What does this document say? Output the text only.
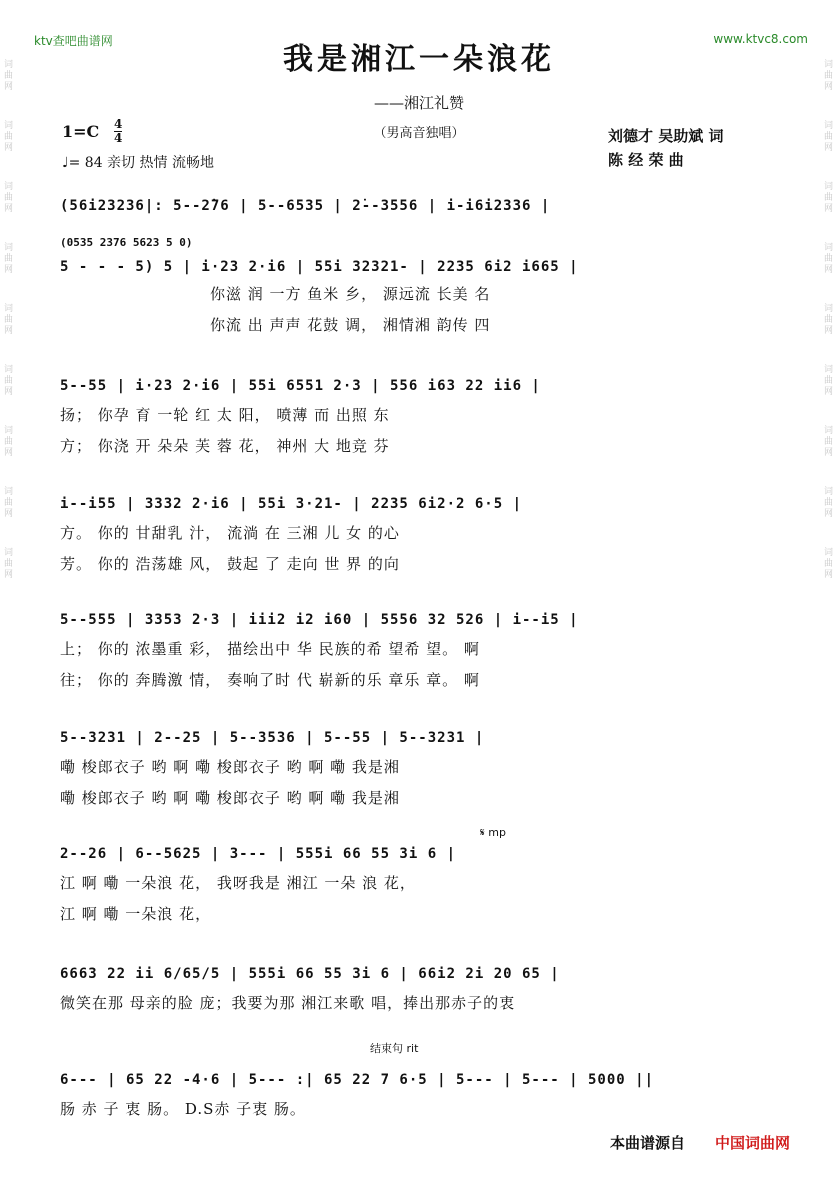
ktv查吧曲谱网	www.ktvc8.com
我是湘江一朵浪花
——湘江礼赞
（男高音独唱）
1=C 4
4
♩= 84 亲切 热情 流畅地
刘德才 吴助斌 词
陈 经 荣 曲
词
曲
网
词
曲
网
词
曲
网
词
曲
网
词
曲
网
词
曲
网
词
曲
网
词
曲
网
词
曲
网
词
曲
网
词
曲
网
词
曲
网
词
曲
网
词
曲
网
词
曲
网
词
曲
网
词
曲
网
词
曲
网
(56i23236|: 5--2̇76 | 5--6535 | 2̇--3556 | i-i6i2336 |
(0535 2376 5623 5 0)
5 - - - 5) 5 | i·23 2·i6 | 55i 32321- | 2235 6i2 i665 |
你滋 润 一方 鱼米 乡， 源远流 长美 名
你流 出 声声 花鼓 调， 湘情湘 韵传 四
5--55 | i·23 2·i6 | 55i 6551 2·3 | 556 i63 22 ii6 |
扬； 你孕 育 一轮 红 太 阳， 喷薄 而 出照 东
方； 你浇 开 朵朵 芙 蓉 花， 神州 大 地竞 芬
i--i55 | 3332 2·i6 | 55i 3·21- | 2235 6i2·2 6·5 |
方。 你的 甘甜乳 汁， 流淌 在 三湘 儿 女 的心
芳。 你的 浩荡雄 风， 鼓起 了 走向 世 界 的向
5--555 | 3353 2·3 | iii2 i2 i60 | 5556 32 526 | i--i5 |
上； 你的 浓墨重 彩， 描绘出中 华 民族的希 望希 望。 啊
往； 你的 奔腾激 情， 奏响了时 代 崭新的乐 章乐 章。 啊
5--3231 | 2--25 | 5--3536 | 5--55 | 5--3231 |
嘞 梭郎衣子 哟 啊 嘞 梭郎衣子 哟 啊 嘞 我是湘
嘞 梭郎衣子 哟 啊 嘞 梭郎衣子 哟 啊 嘞 我是湘
𝄋 mp
2--26 | 6--5625 | 3--- | 555i 66 55 3i 6 |
江 啊 嘞 一朵浪 花， 我呀我是 湘江 一朵 浪 花，
江 啊 嘞 一朵浪 花，
6663 22 ii 6/65/5 | 555i 66 55 3i 6 | 66i2 2i 20 65 |
微笑在那 母亲的脸 庞；我要为那 湘江来歌 唱，捧出那赤子的衷
结束句 rit
6--- | 65 22 -4·6 | 5--- :| 65 22 7 6·5 | 5--- | 5--- | 5000 ||
肠 赤 子 衷 肠。 D.S赤 子衷 肠。
本曲谱源自 中国词曲网
